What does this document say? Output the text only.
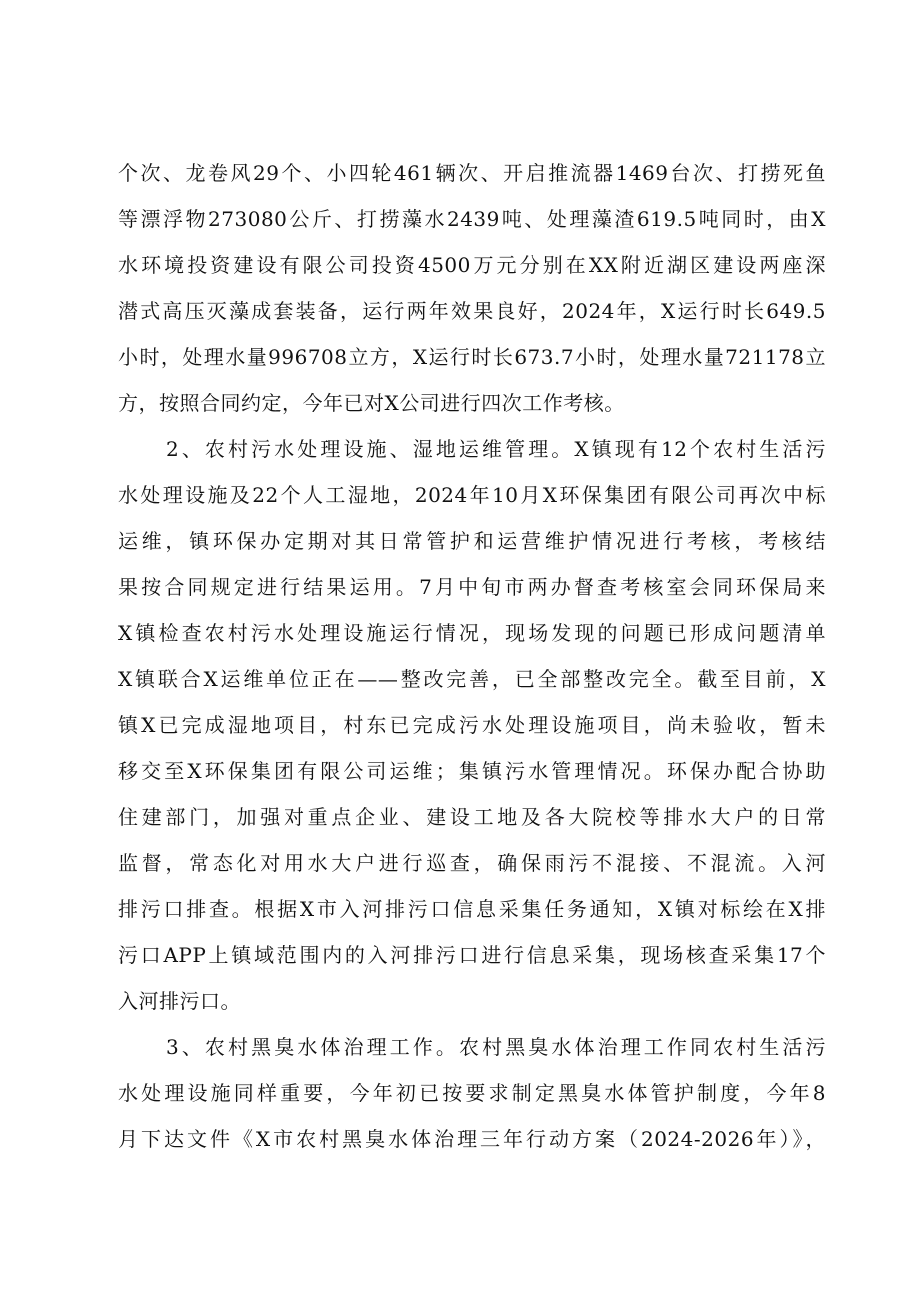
个次、龙卷风29个、小四轮461辆次、开启推流器1469台次、打捞死鱼
等漂浮物273080公斤、打捞藻水2439吨、处理藻渣619.5吨同时，由X
水环境投资建设有限公司投资4500万元分别在XX附近湖区建设两座深
潜式高压灭藻成套装备，运行两年效果良好，2024年，X运行时长649.5
小时，处理水量996708立方，X运行时长673.7小时，处理水量721178立
方，按照合同约定，今年已对X公司进行四次工作考核。
2、农村污水处理设施、湿地运维管理。X镇现有12个农村生活污
水处理设施及22个人工湿地，2024年10月X环保集团有限公司再次中标
运维，镇环保办定期对其日常管护和运营维护情况进行考核，考核结
果按合同规定进行结果运用。7月中旬市两办督查考核室会同环保局来
X镇检查农村污水处理设施运行情况，现场发现的问题已形成问题清单
X镇联合X运维单位正在——整改完善，已全部整改完全。截至目前，X
镇X已完成湿地项目，村东已完成污水处理设施项目，尚未验收，暂未
移交至X环保集团有限公司运维；集镇污水管理情况。环保办配合协助
住建部门，加强对重点企业、建设工地及各大院校等排水大户的日常
监督，常态化对用水大户进行巡查，确保雨污不混接、不混流。入河
排污口排查。根据X市入河排污口信息采集任务通知，X镇对标绘在X排
污口APP上镇域范围内的入河排污口进行信息采集，现场核查采集17个
入河排污口。
3、农村黑臭水体治理工作。农村黑臭水体治理工作同农村生活污
水处理设施同样重要，今年初已按要求制定黑臭水体管护制度，今年8
月下达文件《X市农村黑臭水体治理三年行动方案（2024-2026年）》，
